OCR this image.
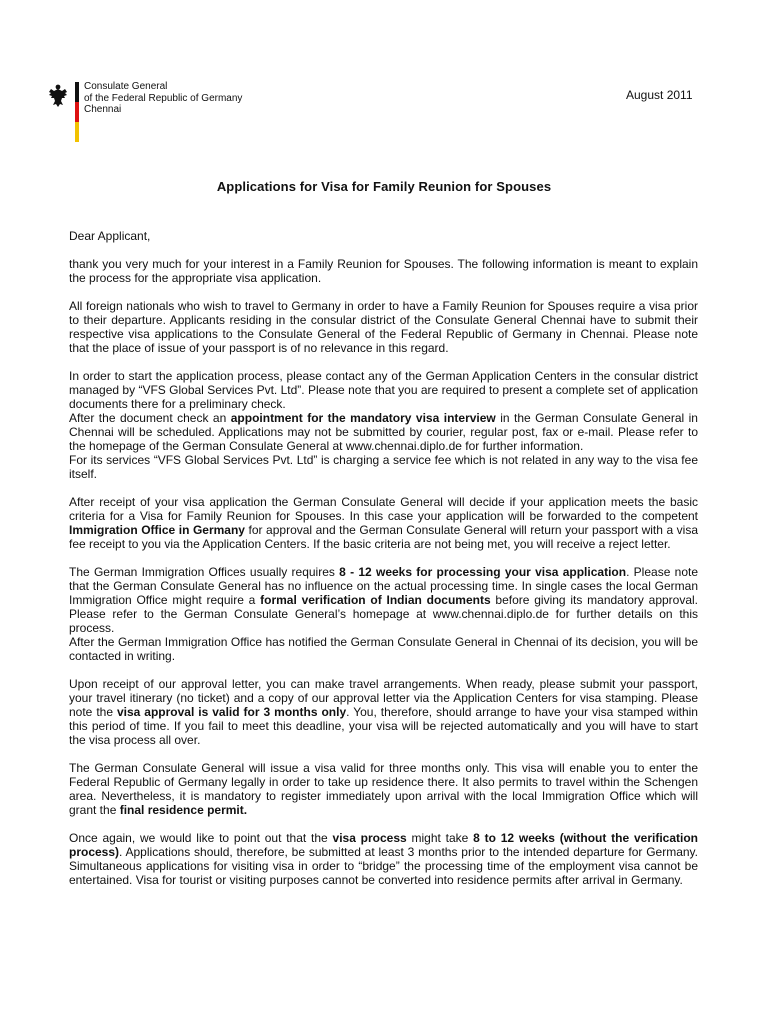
Consulate General
of the Federal Republic of Germany
Chennai
August 2011
Applications for Visa for Family Reunion for Spouses

Dear Applicant,

thank you very much for your interest in a Family Reunion for Spouses. The following information is meant to explain the process for the appropriate visa application.

All foreign nationals who wish to travel to Germany in order to have a Family Reunion for Spouses require a visa prior to their departure. Applicants residing in the consular district of the Consulate General Chennai have to submit their respective visa applications to the Consulate General of the Federal Republic of Germany in Chennai. Please note that the place of issue of your passport is of no relevance in this regard.

In order to start the application process, please contact any of the German Application Centers in the consular district managed by “VFS Global Services Pvt. Ltd”. Please note that you are required to present a complete set of application documents there for a preliminary check.

After the document check an appointment for the mandatory visa interview in the German Consulate General in Chennai will be scheduled. Applications may not be submitted by courier, regular post, fax or e-mail. Please refer to the homepage of the German Consulate General at www.chennai.diplo.de for further information.

For its services “VFS Global Services Pvt. Ltd” is charging a service fee which is not related in any way to the visa fee itself.

After receipt of your visa application the German Consulate General will decide if your application meets the basic criteria for a Visa for Family Reunion for Spouses. In this case your application will be forwarded to the competent Immigration Office in Germany for approval and the German Consulate General will return your passport with a visa fee receipt to you via the Application Centers. If the basic criteria are not being met, you will receive a reject letter.

The German Immigration Offices usually requires 8 - 12 weeks for processing your visa application. Please note that the German Consulate General has no influence on the actual processing time. In single cases the local German Immigration Office might require a formal verification of Indian documents before giving its mandatory approval. Please refer to the German Consulate General’s homepage at www.chennai.diplo.de for further details on this process.

After the German Immigration Office has notified the German Consulate General in Chennai of its decision, you will be contacted in writing.

Upon receipt of our approval letter, you can make travel arrangements. When ready, please submit your passport, your travel itinerary (no ticket) and a copy of our approval letter via the Application Centers for visa stamping. Please note the visa approval is valid for 3 months only. You, therefore, should arrange to have your visa stamped within this period of time. If you fail to meet this deadline, your visa will be rejected automatically and you will have to start the visa process all over.

The German Consulate General will issue a visa valid for three months only. This visa will enable you to enter the Federal Republic of Germany legally in order to take up residence there. It also permits to travel within the Schengen area. Nevertheless, it is mandatory to register immediately upon arrival with the local Immigration Office which will grant the final residence permit.

Once again, we would like to point out that the visa process might take 8 to 12 weeks (without the verification process). Applications should, therefore, be submitted at least 3 months prior to the intended departure for Germany. Simultaneous applications for visiting visa in order to “bridge” the processing time of the employment visa cannot be entertained. Visa for tourist or visiting purposes cannot be converted into residence permits after arrival in Germany.
